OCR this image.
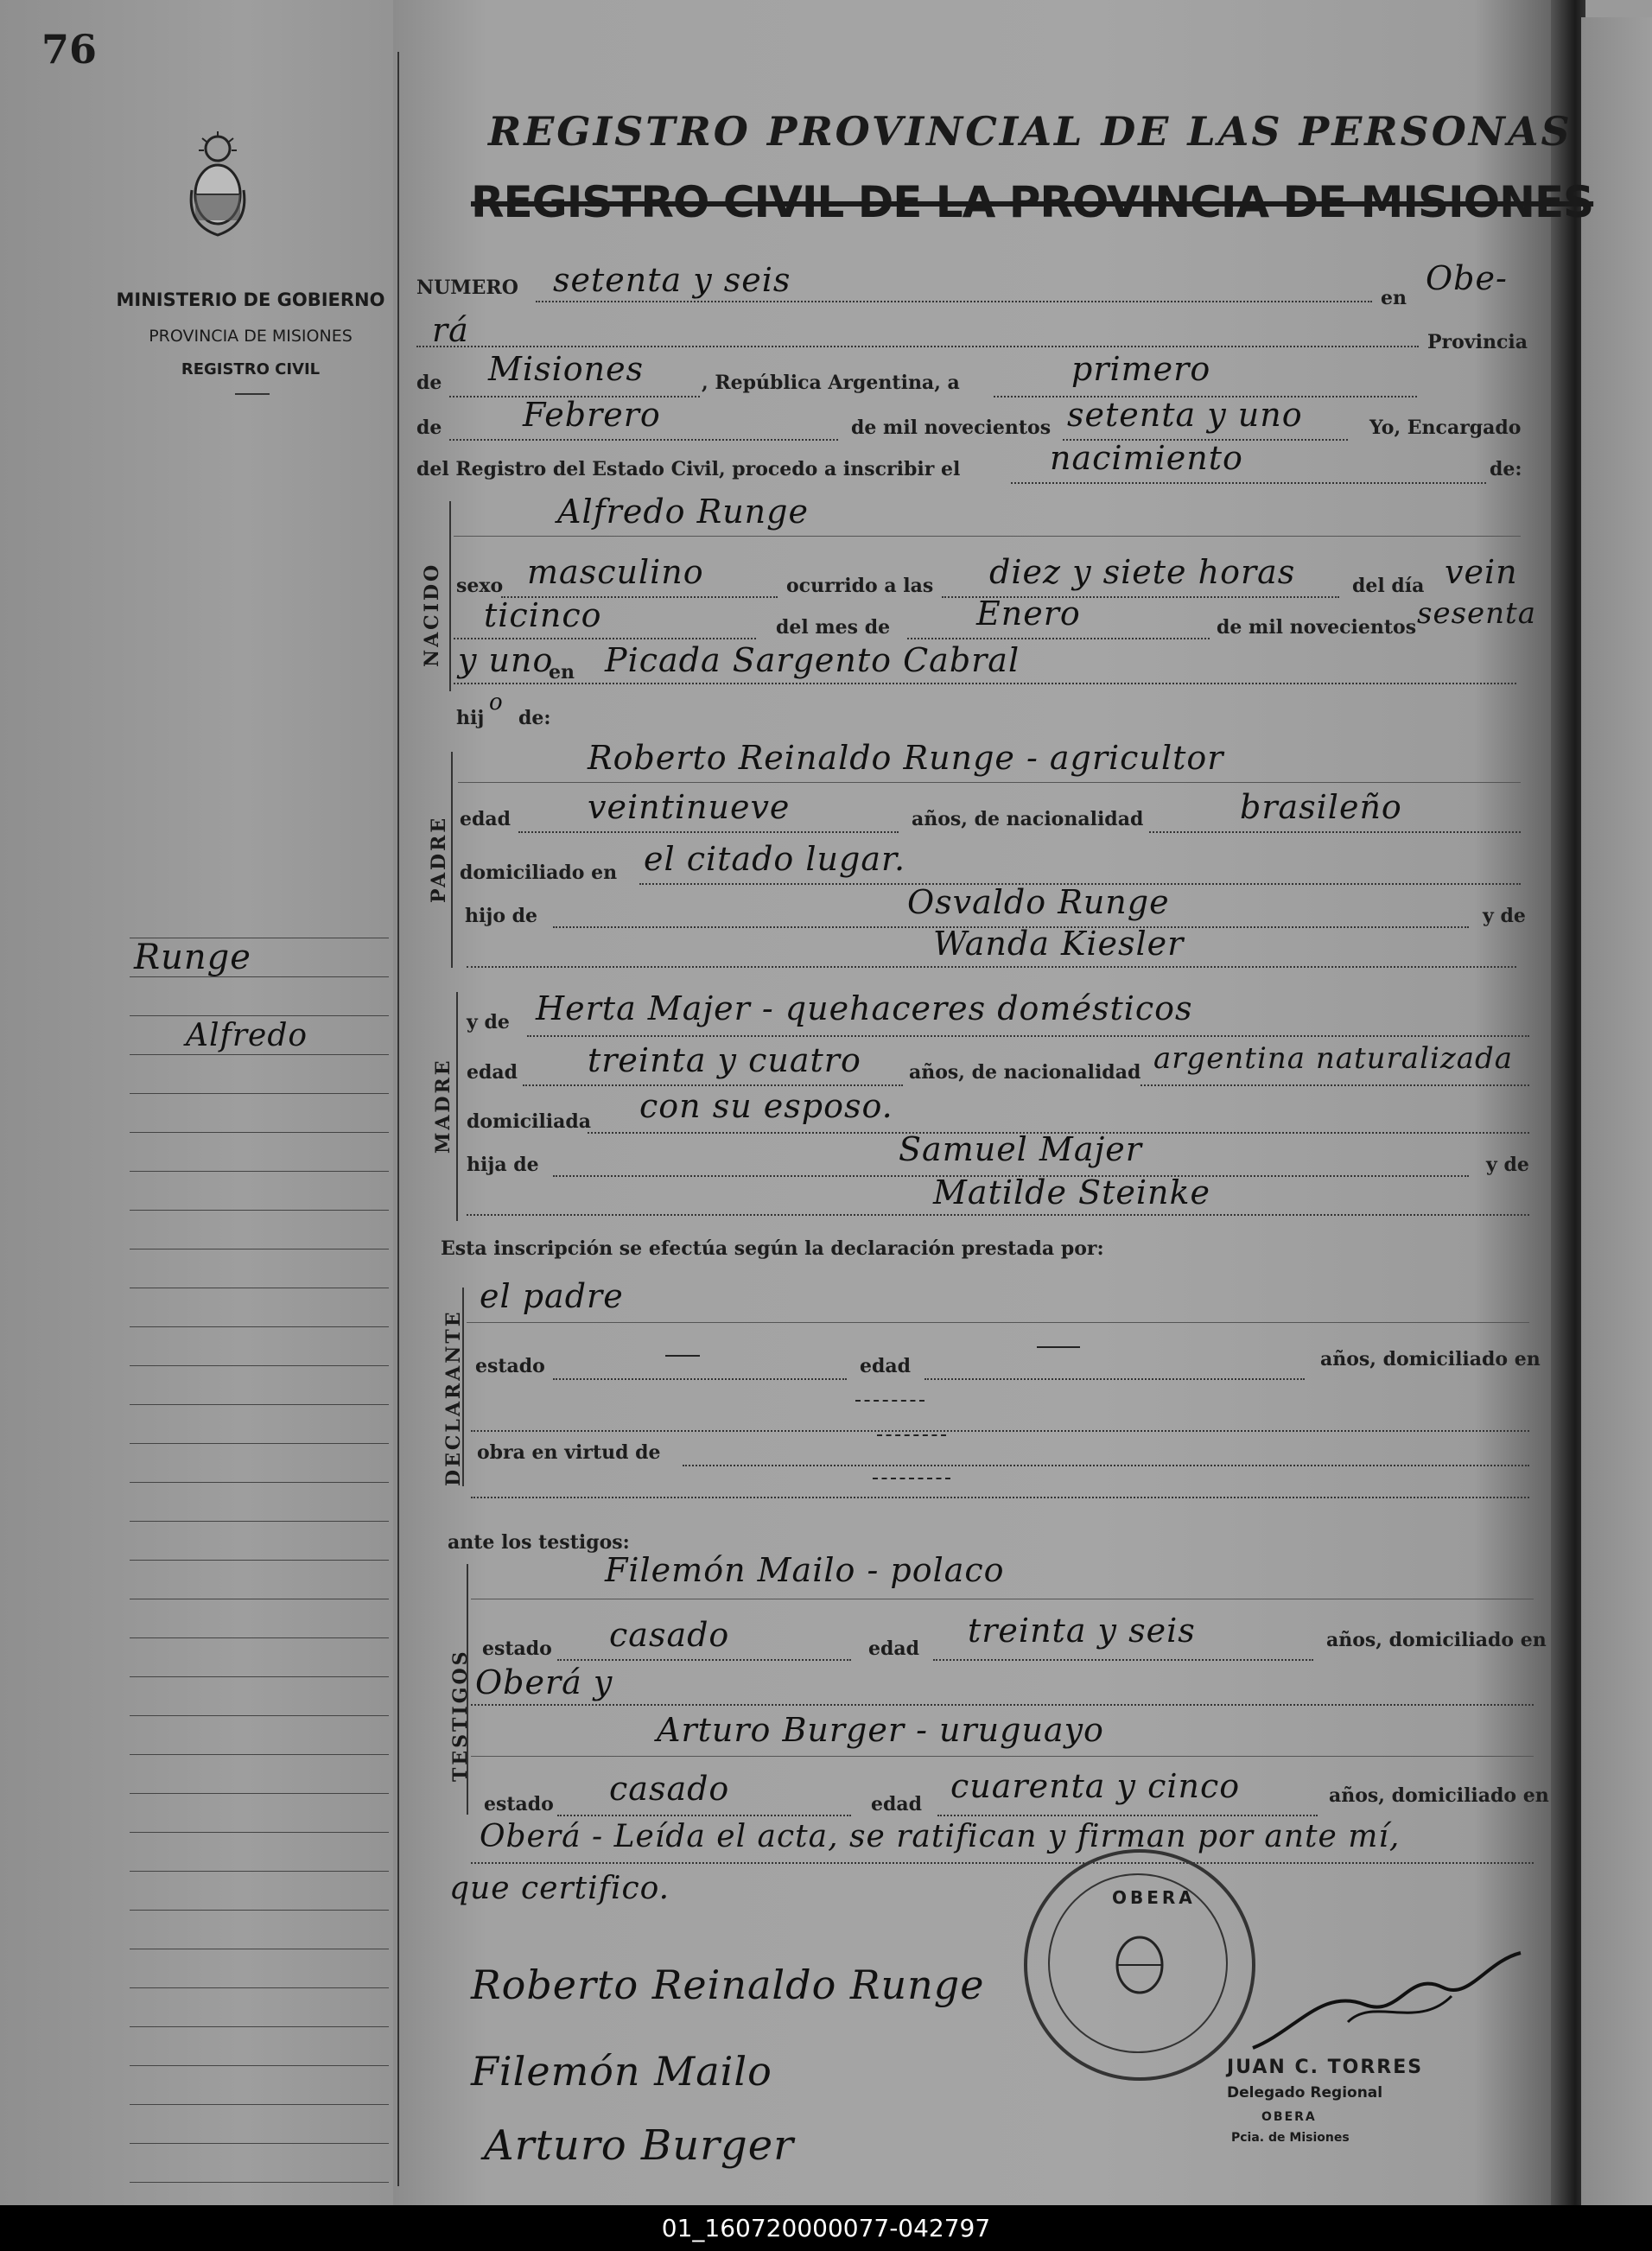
76
MINISTERIO DE GOBIERNO
PROVINCIA DE MISIONES
REGISTRO CIVIL
Runge
Alfredo
REGISTRO PROVINCIAL DE LAS PERSONAS
REGISTRO CIVIL DE LA PROVINCIA DE MISIONES
NUMERO setenta y seis	en
Obe-
rá	Provincia
de Misiones	, República Argentina, a	primero
de Febrero	de mil novecientos setenta y uno	Yo, Encargado
del Registro del Estado Civil, procedo a inscribir el	nacimiento	de:
NACIDO
Alfredo Runge
sexo masculino	ocurrido a las diez y siete horas	del día vein
ticinco	del mes de	Enero	de mil novecientos sesenta
y uno
en Picada Sargento Cabral
hij
o
de:
PADRE
Roberto Reinaldo Runge - agricultor
edad veintinueve	años, de nacionalidad	brasileño
domiciliado en el citado lugar.
hijo de	Osvaldo Runge	y de
Wanda Kiesler
MADRE
y de Herta Majer - quehaceres domésticos
edad treinta y cuatro	años, de nacionalidad argentina naturalizada
domiciliada con su esposo.
hija de	Samuel Majer	y de
Matilde Steinke
Esta inscripción se efectúa según la declaración prestada por:
DECLARANTE
el padre
estado	edad	años, domiciliado en
obra en virtud de
ante los testigos:
TESTIGOS
Filemón Mailo - polaco
estado casado	edad treinta y seis	años, domiciliado en
Oberá y
Arturo Burger - uruguayo
estado casado	edad cuarenta y cinco	años, domiciliado en
Oberá - Leída el acta, se ratifican y firman por ante mí,
que certifico.
Roberto Reinaldo Runge
Filemón Mailo
Arturo Burger
OBERA
JUAN C. TORRES
Delegado Regional
OBERA
Pcia. de Misiones
01_160720000077-042797
